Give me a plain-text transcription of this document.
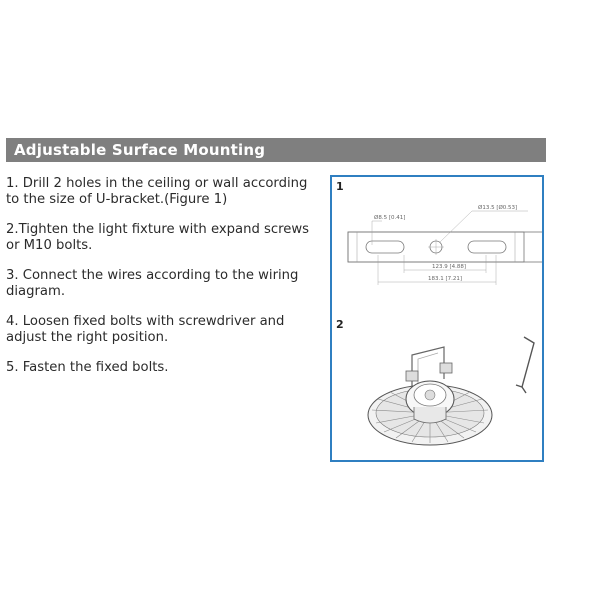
Adjustable Surface Mounting

1. Drill 2 holes in the ceiling or wall according to the size of U-bracket.(Figure 1)

2.Tighten the light fixture with expand screws or M10 bolts.

3. Connect the wires according to the wiring diagram.

4. Loosen fixed bolts with screwdriver and adjust the right position.

5. Fasten the fixed bolts.

1
Ø8.5 [0.41]
Ø13.5 [Ø0.53]
123.9 [4.88]
183.1 [7.21]
2
